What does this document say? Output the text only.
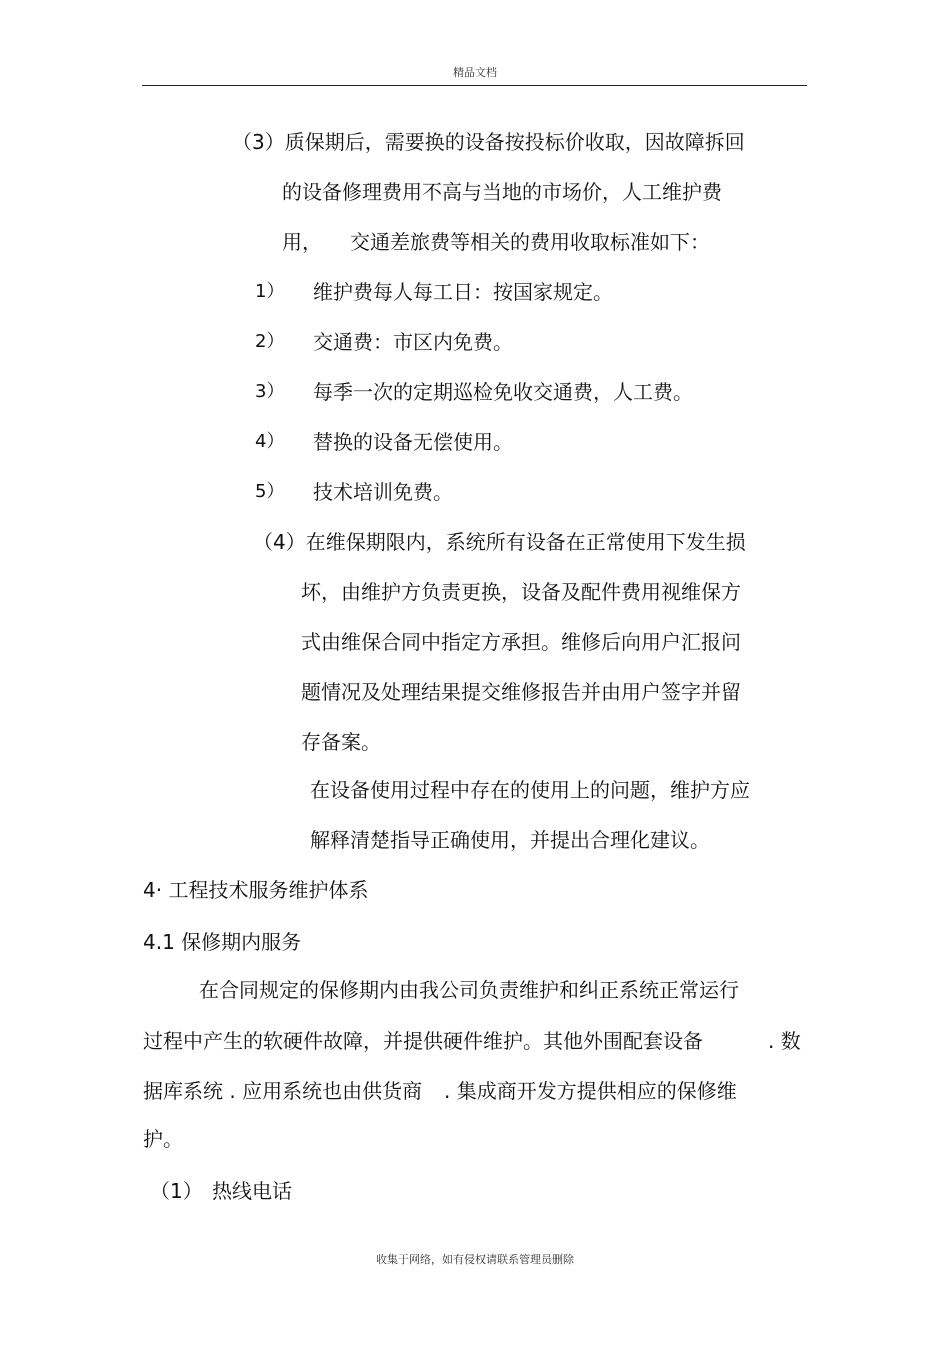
精品文档
（3）质保期后，需要换的设备按投标价收取，因故障拆回
的设备修理费用不高与当地的市场价，人工维护费
用， 交通差旅费等相关的费用收取标准如下：
1） 维护费每人每工日：按国家规定。
2） 交通费：市区内免费。
3） 每季一次的定期巡检免收交通费，人工费。
4） 替换的设备无偿使用。
5） 技术培训免费。
（4）在维保期限内，系统所有设备在正常使用下发生损
坏，由维护方负责更换，设备及配件费用视维保方
式由维保合同中指定方承担。维修后向用户汇报问
题情况及处理结果提交维修报告并由用户签字并留
存备案。
在设备使用过程中存在的使用上的问题，维护方应
解释清楚指导正确使用，并提出合理化建议。
4· 工程技术服务维护体系
4.1 保修期内服务
在合同规定的保修期内由我公司负责维护和纠正系统正常运行
过程中产生的软硬件故障，并提供硬件维护。其他外围配套设备	. 数
据库系统 . 应用系统也由供货商 . 集成商开发方提供相应的保修维
护。
（1） 热线电话
收集于网络，如有侵权请联系管理员删除
